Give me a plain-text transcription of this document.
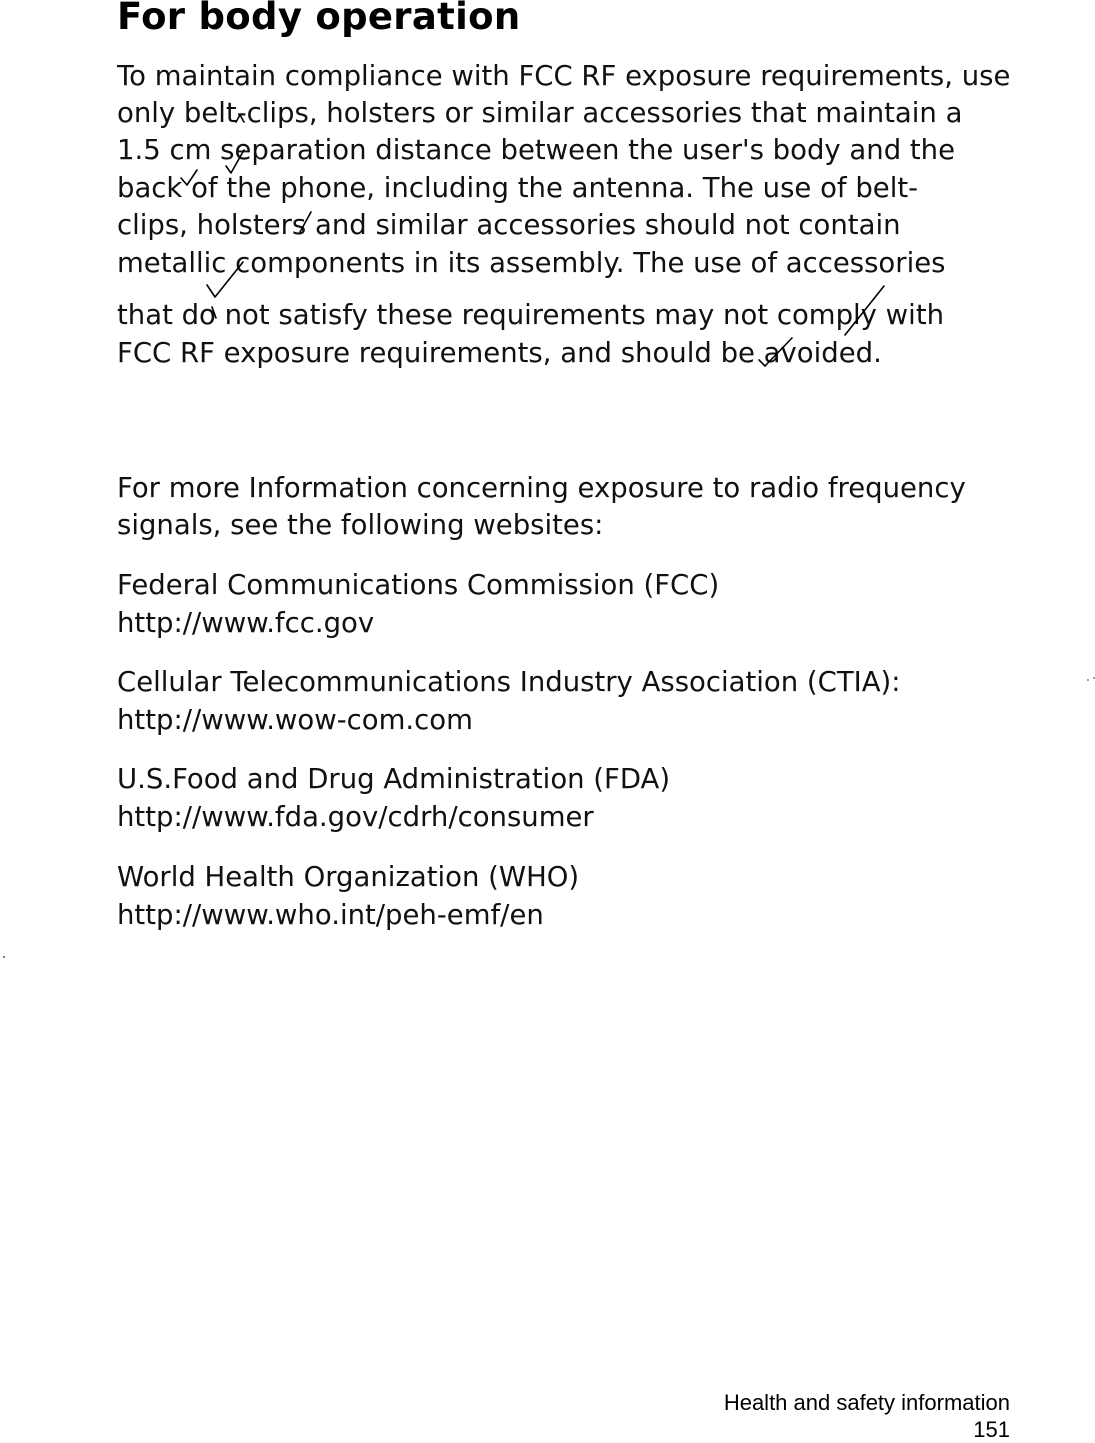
For body operation

To maintain compliance with FCC RF exposure requirements, use

only belt-clips, holsters or similar accessories that maintain a

1.5 cm separation distance between the user's body and the

back of the phone, including the antenna. The use of belt-

clips, holsters and similar accessories should not contain

metallic components in its assembly. The use of accessories

that do not satisfy these requirements may not comply with

FCC RF exposure requirements, and should be avoided.

For more Information concerning exposure to radio frequency

signals, see the following websites:

Federal Communications Commission (FCC)

http://www.fcc.gov

Cellular Telecommunications Industry Association (CTIA):

http://www.wow-com.com

U.S.Food and Drug Administration (FDA)

http://www.fda.gov/cdrh/consumer

World Health Organization (WHO)

http://www.who.int/peh-emf/en

Health and safety information

151
